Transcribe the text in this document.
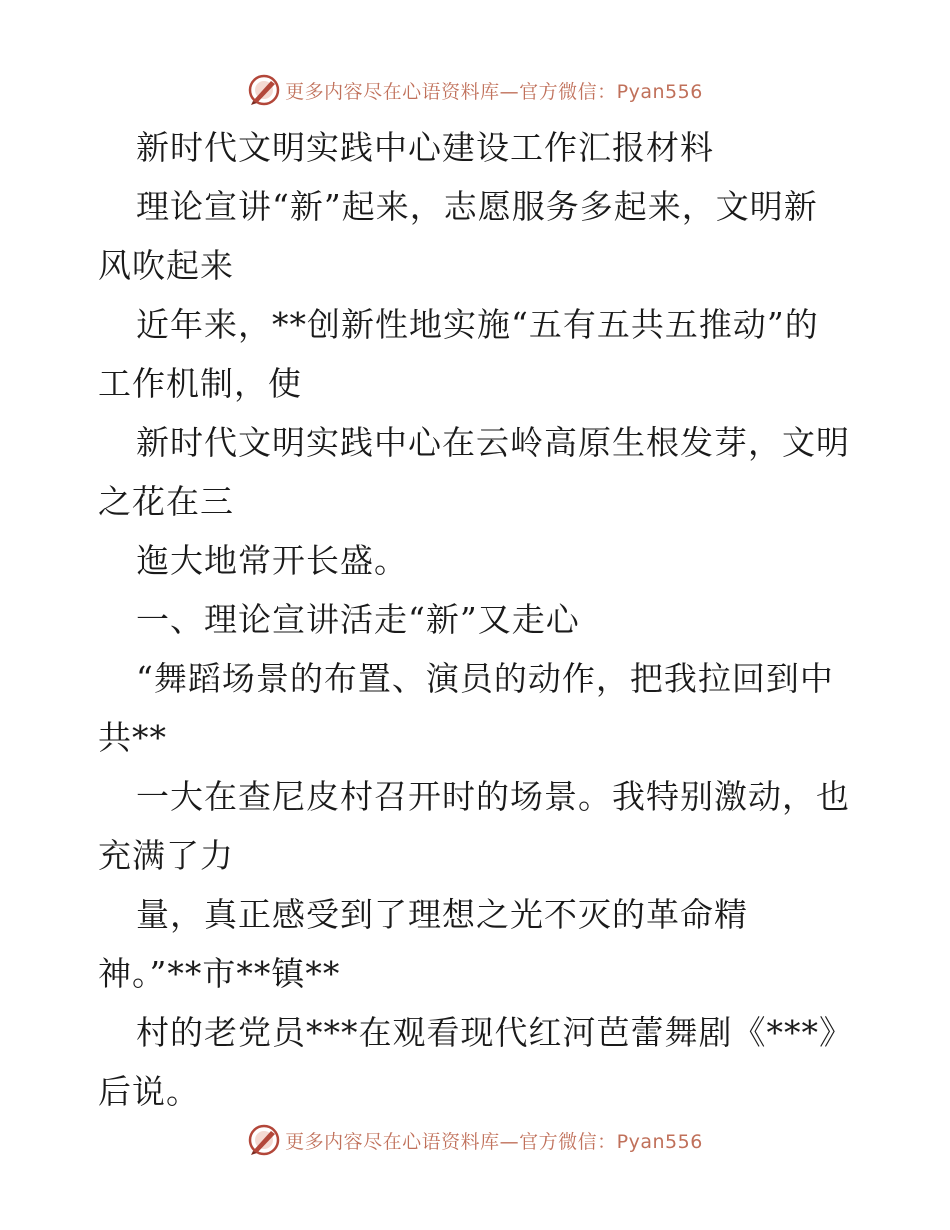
更多内容尽在心语资料库—官方微信：Pyan556
新时代文明实践中心建设工作汇报材料
理论宣讲“新”起来，志愿服务多起来，文明新
风吹起来
近年来，**创新性地实施“五有五共五推动”的
工作机制，使
新时代文明实践中心在云岭高原生根发芽，文明
之花在三
迤大地常开长盛。
一、理论宣讲活走“新”又走心
“舞蹈场景的布置、演员的动作，把我拉回到中
共**
一大在查尼皮村召开时的场景。我特别激动，也
充满了力
量，真正感受到了理想之光不灭的革命精
神。”**市**镇**
村的老党员***在观看现代红河芭蕾舞剧《***》
后说。
更多内容尽在心语资料库—官方微信：Pyan556
